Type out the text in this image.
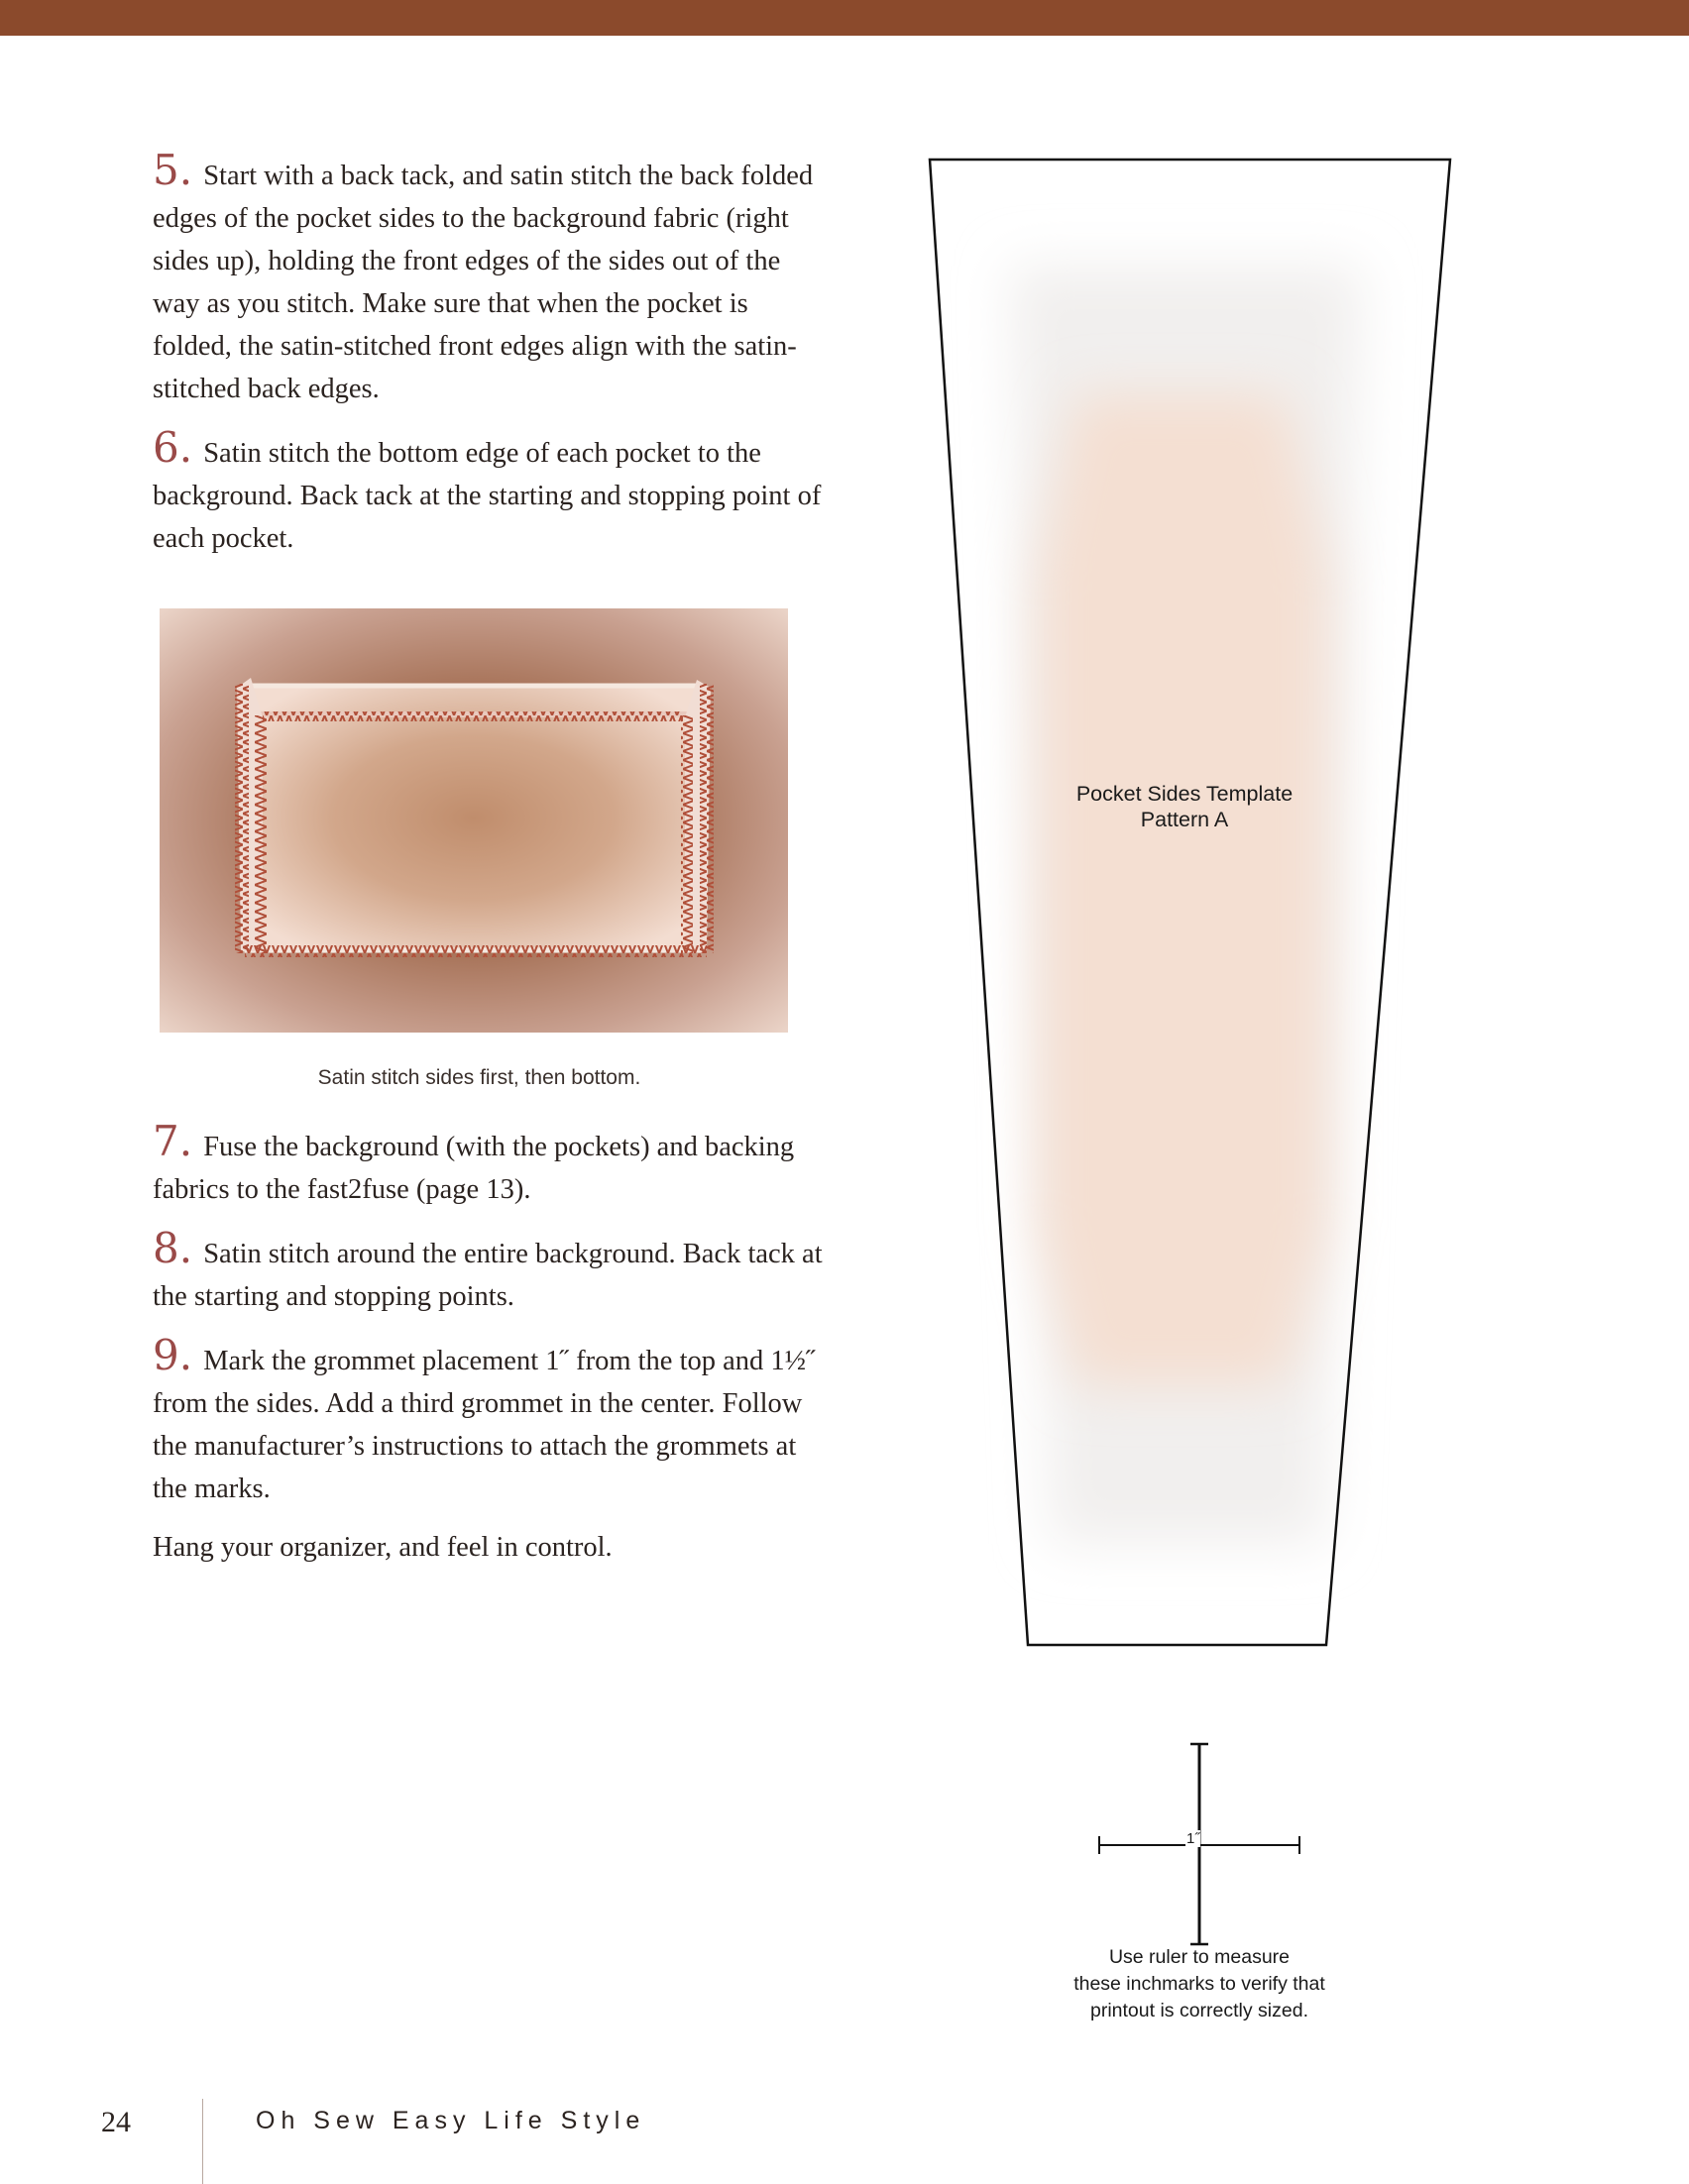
5. Start with a back tack, and satin stitch the back folded edges of the pocket sides to the background fabric (right sides up), holding the front edges of the sides out of the way as you stitch. Make sure that when the pocket is folded, the satin-stitched front edges align with the satin-stitched back edges.

6. Satin stitch the bottom edge of each pocket to the background. Back tack at the starting and stopping point of each pocket.

Satin stitch sides first, then bottom.

7. Fuse the background (with the pockets) and backing fabrics to the fast2fuse (page 13).

8. Satin stitch around the entire background. Back tack at the starting and stopping points.

9. Mark the grommet placement 1˝ from the top and 1½˝ from the sides. Add a third grommet in the center. Follow the manufacturer’s instructions to attach the grommets at the marks.

Hang your organizer, and feel in control.

Pocket Sides Template
Pattern A
1˝
Use ruler to measure
these inchmarks to verify that
printout is correctly sized.
24	Oh Sew Easy Life Style
